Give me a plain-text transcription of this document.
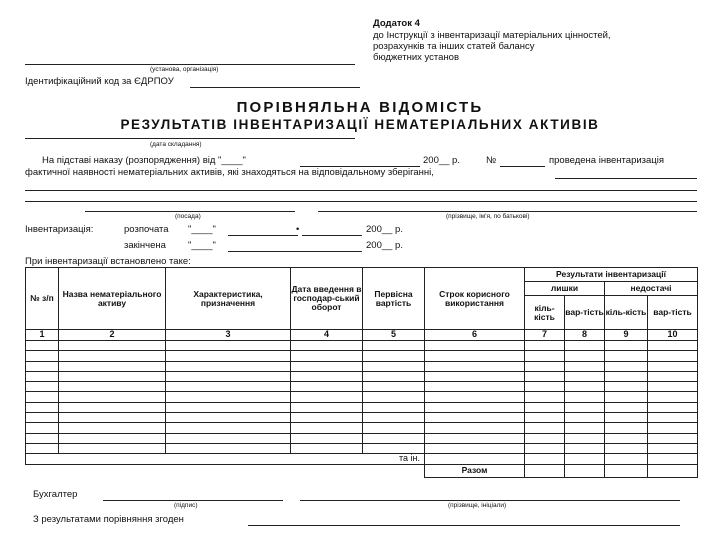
Додаток 4
до Інструкції з інвентаризації матеріальних цінностей,
розрахунків та інших статей балансу
бюджетних установ
(установа, організація)
Ідентифікаційний код за ЄДРПОУ
ПОРІВНЯЛЬНА ВІДОМІСТЬ
РЕЗУЛЬТАТІВ ІНВЕНТАРИЗАЦІЇ НЕМАТЕРІАЛЬНИХ АКТИВІВ
(дата складання)
На підставі наказу (розпорядження) від "____"	200__ р.	№	проведена інвентаризація
фактичної наявності нематеріальних активів, які знаходяться на відповідальному зберіганні,
(посада)	(прізвище, ім'я, по батькові)
Інвентаризація:	розпочата "____"	•	200__ р.
закінчена "____"	200__ р.
При інвентаризації встановлено таке:
№ з/п	Назва нематеріального активу	Характеристика, призначення	Дата введення в господар-ський оборот	Первісна вартість	Строк корисного використання	Результати інвентаризації			
						лишки		недостачі	
						кіль-кість	вар-тість	кіль-кість	вар-тість
1	2	3	4	5	6	7	8	9	10

та ін.									
					Разом				
Бухгалтер
(підпис)	(прізвище, ініціали)
З результатами порівняння згоден
